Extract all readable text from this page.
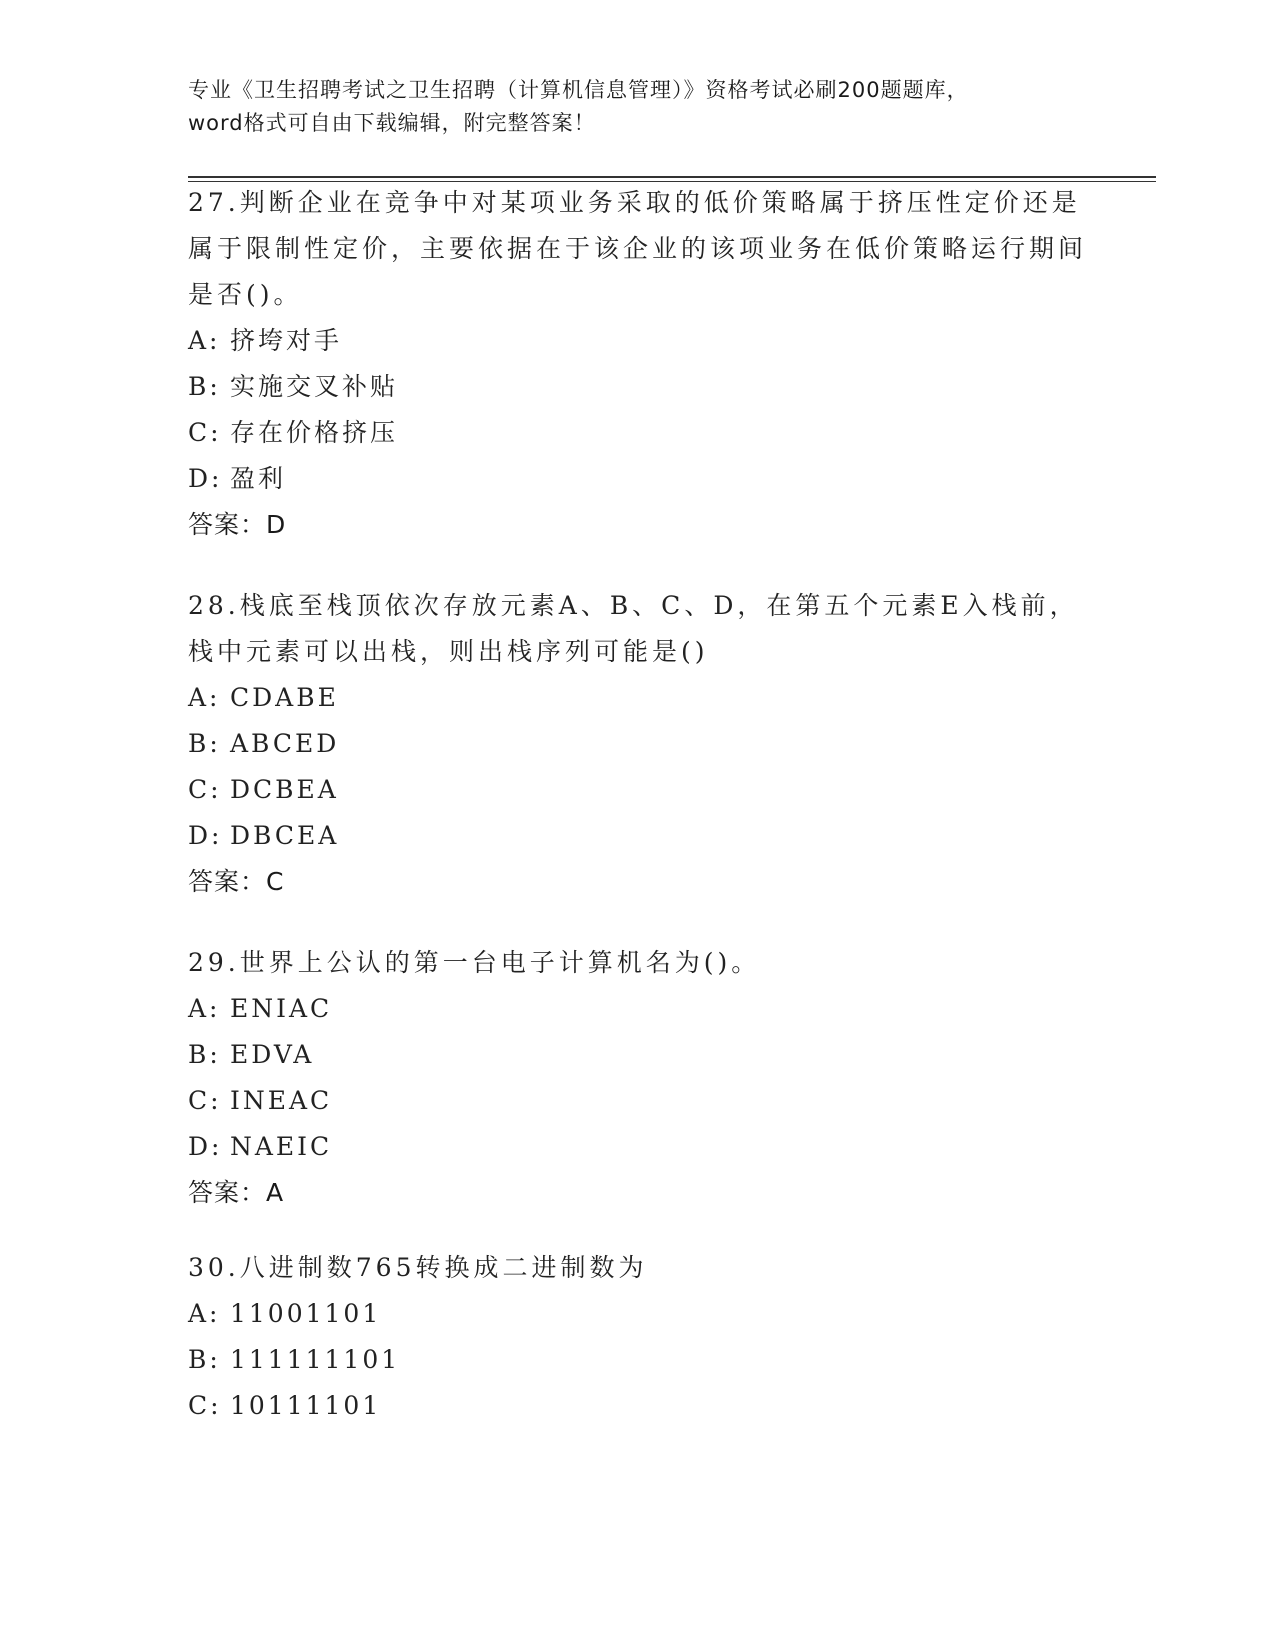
专业《卫生招聘考试之卫生招聘（计算机信息管理）》资格考试必刷200题题库，
word格式可自由下载编辑，附完整答案！

27.判断企业在竞争中对某项业务采取的低价策略属于挤压性定价还是属于限制性定价，主要依据在于该企业的该项业务在低价策略运行期间是否()。

A: 挤垮对手

B: 实施交叉补贴

C: 存在价格挤压

D: 盈利

答案：D

28.栈底至栈顶依次存放元素A、B、C、D，在第五个元素E入栈前，栈中元素可以出栈，则出栈序列可能是()

A: CDABE

B: ABCED

C: DCBEA

D: DBCEA

答案：C

29.世界上公认的第一台电子计算机名为()。

A: ENIAC

B: EDVA

C: INEAC

D: NAEIC

答案：A

30.八进制数765转换成二进制数为

A: 11001101

B: 111111101

C: 10111101
